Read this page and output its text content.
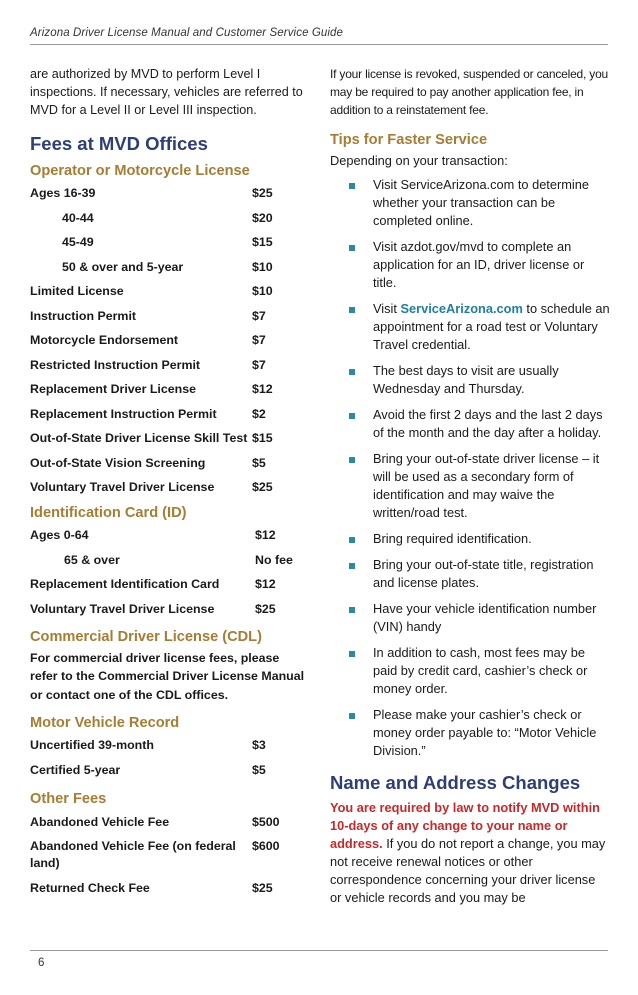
Arizona Driver License Manual and Customer Service Guide

are authorized by MVD to perform Level I inspections. If necessary, vehicles are referred to MVD for a Level II or Level III inspection.

Fees at MVD Offices
Operator or Motorcycle License
Ages 16-39	$25
40-44	$20
45-49	$15
50 & over and 5-year	$10
Limited License	$10
Instruction Permit	$7
Motorcycle Endorsement	$7
Restricted Instruction Permit	$7
Replacement Driver License	$12
Replacement Instruction Permit	$2
Out-of-State Driver License Skill Test $15
Out-of-State Vision Screening	$5
Voluntary Travel Driver License	$25
Identification Card (ID)
Ages 0-64	$12
65 & over	No fee
Replacement Identification Card	$12
Voluntary Travel Driver License	$25
Commercial Driver License (CDL)

For commercial driver license fees, please refer to the Commercial Driver License Manual or contact one of the CDL offices.

Motor Vehicle Record
Uncertified 39-month	$3
Certified 5-year	$5
Other Fees
Abandoned Vehicle Fee	$500
Abandoned Vehicle Fee (on federal land)
$600
Returned Check Fee	$25

If your license is revoked, suspended or canceled, you may be required to pay another application fee, in addition to a reinstatement fee.

Tips for Faster Service

Depending on your transaction:

Visit ServiceArizona.com to determine whether your transaction can be completed online.
Visit azdot.gov/mvd to complete an application for an ID, driver license or title.
Visit ServiceArizona.com to schedule an appointment for a road test or Voluntary Travel credential.
The best days to visit are usually Wednesday and Thursday.
Avoid the first 2 days and the last 2 days of the month and the day after a holiday.
Bring your out-of-state driver license – it will be used as a secondary form of identification and may waive the written/road test.
Bring required identification.
Bring your out-of-state title, registration and license plates.
Have your vehicle identification number (VIN) handy
In addition to cash, most fees may be paid by credit card, cashier’s check or money order.
Please make your cashier’s check or money order payable to: “Motor Vehicle Division.”
Name and Address Changes

You are required by law to notify MVD within 10-days of any change to your name or address. If you do not report a change, you may not receive renewal notices or other correspondence concerning your driver license or vehicle records and you may be

6
